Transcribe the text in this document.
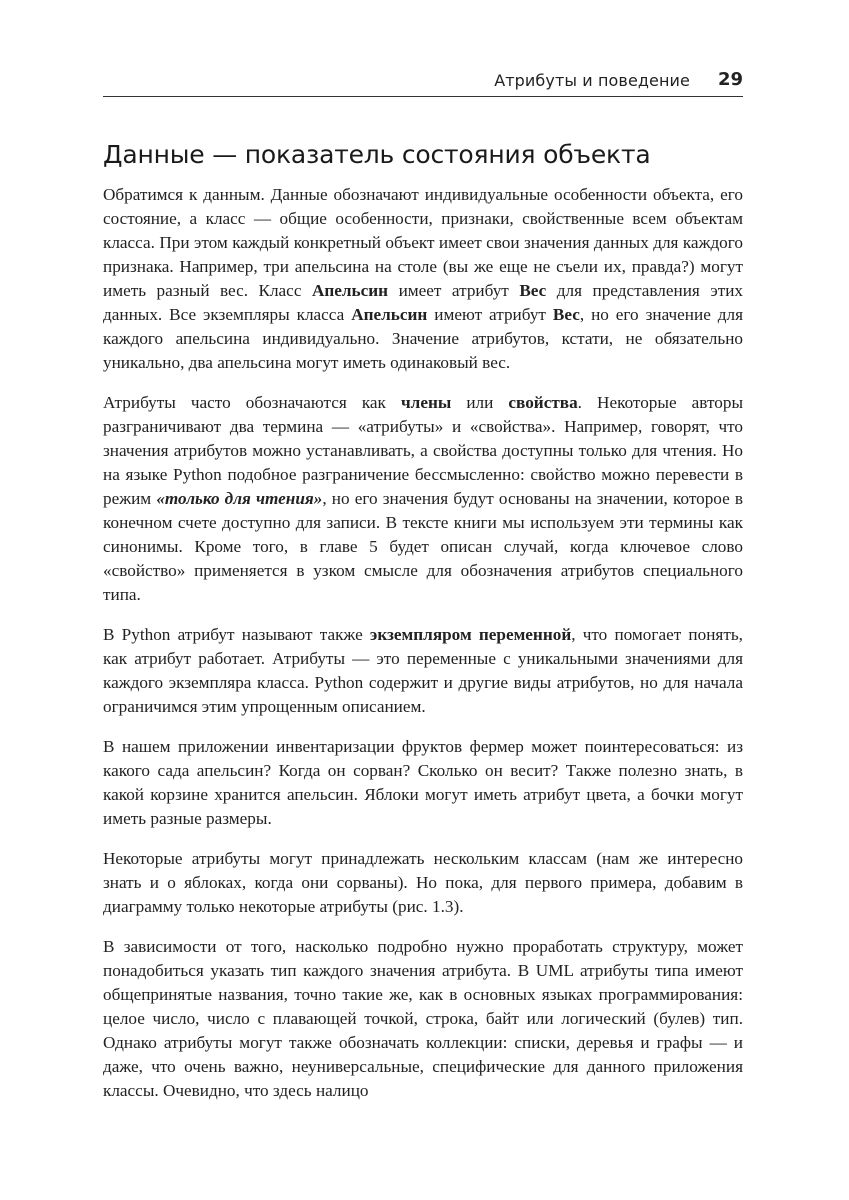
Атрибуты и поведение 29
Данные — показатель состояния объекта

Обратимся к данным. Данные обозначают индивидуальные особенности объекта, его состояние, а класс — общие особенности, признаки, свойственные всем объектам класса. При этом каждый конкретный объект имеет свои значения данных для каждого признака. Например, три апельсина на столе (вы же еще не съели их, правда?) могут иметь разный вес. Класс Апельсин имеет атрибут Вес для представления этих данных. Все экземпляры класса Апельсин имеют атрибут Вес, но его значение для каждого апельсина индивидуально. Значение атрибутов, кстати, не обязательно уникально, два апельсина могут иметь одинаковый вес.

Атрибуты часто обозначаются как члены или свойства. Некоторые авторы разграничивают два термина — «атрибуты» и «свойства». Например, говорят, что значения атрибутов можно устанавливать, а свойства доступны только для чтения. Но на языке Python подобное разграничение бессмысленно: свойство можно перевести в режим «только для чтения», но его значения будут основаны на значении, которое в конечном счете доступно для записи. В тексте книги мы используем эти термины как синонимы. Кроме того, в главе 5 будет описан случай, когда ключевое слово «свойство» применяется в узком смысле для обозначения атрибутов специального типа.

В Python атрибут называют также экземпляром переменной, что помогает понять, как атрибут работает. Атрибуты — это переменные с уникальными значениями для каждого экземпляра класса. Python содержит и другие виды атрибутов, но для начала ограничимся этим упрощенным описанием.

В нашем приложении инвентаризации фруктов фермер может поинтересоваться: из какого сада апельсин? Когда он сорван? Сколько он весит? Также полезно знать, в какой корзине хранится апельсин. Яблоки могут иметь атрибут цвета, а бочки могут иметь разные размеры.

Некоторые атрибуты могут принадлежать нескольким классам (нам же интересно знать и о яблоках, когда они сорваны). Но пока, для первого примера, добавим в диаграмму только некоторые атрибуты (рис. 1.3).

В зависимости от того, насколько подробно нужно проработать структуру, может понадобиться указать тип каждого значения атрибута. В UML атрибуты типа имеют общепринятые названия, точно такие же, как в основных языках программирования: целое число, число с плавающей точкой, строка, байт или логический (булев) тип. Однако атрибуты могут также обозначать коллекции: списки, деревья и графы — и даже, что очень важно, неуниверсальные, специфические для данного приложения классы. Очевидно, что здесь налицо
